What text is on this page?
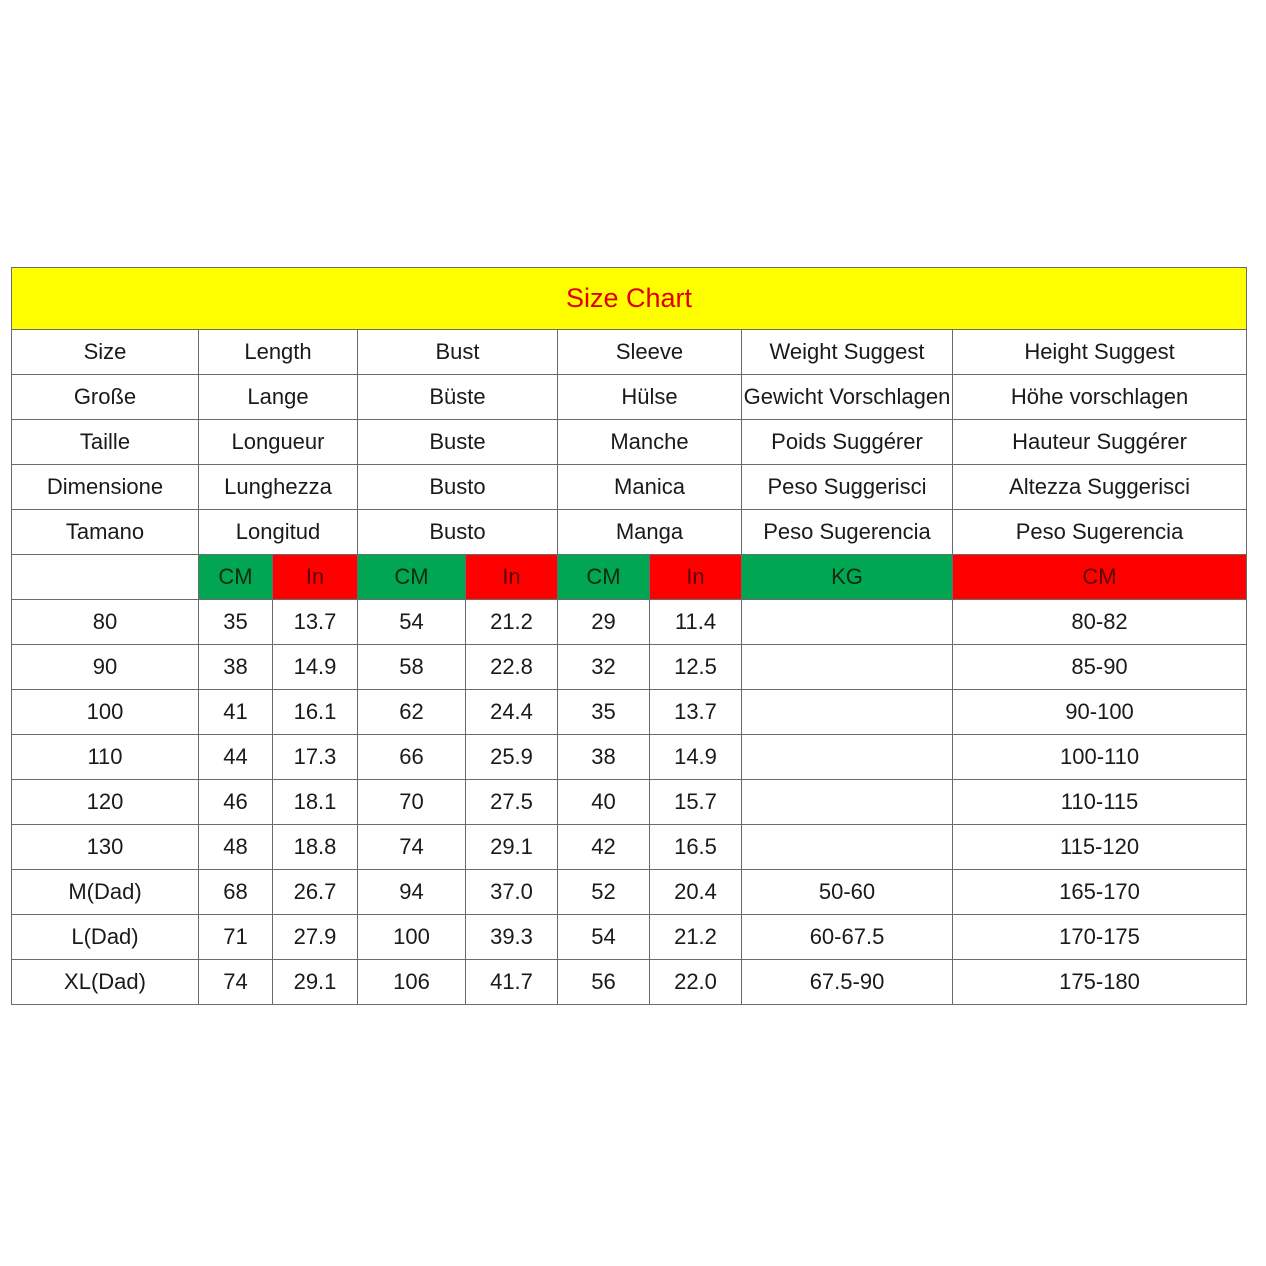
Size Chart								
Size	Length		Bust		Sleeve		Weight Suggest	Height Suggest
Große	Lange		Büste		Hülse		Gewicht Vorschlagen	Höhe vorschlagen
Taille	Longueur		Buste		Manche		Poids Suggérer	Hauteur Suggérer
Dimensione	Lunghezza		Busto		Manica		Peso Suggerisci	Altezza Suggerisci
Tamano	Longitud		Busto		Manga		Peso Sugerencia	Peso Sugerencia
	CM	In	CM	In	CM	In	KG	CM
80	35	13.7	54	21.2	29	11.4		80-82
90	38	14.9	58	22.8	32	12.5		85-90
100	41	16.1	62	24.4	35	13.7		90-100
110	44	17.3	66	25.9	38	14.9		100-110
120	46	18.1	70	27.5	40	15.7		110-115
130	48	18.8	74	29.1	42	16.5		115-120
M(Dad)	68	26.7	94	37.0	52	20.4	50-60	165-170
L(Dad)	71	27.9	100	39.3	54	21.2	60-67.5	170-175
XL(Dad)	74	29.1	106	41.7	56	22.0	67.5-90	175-180
